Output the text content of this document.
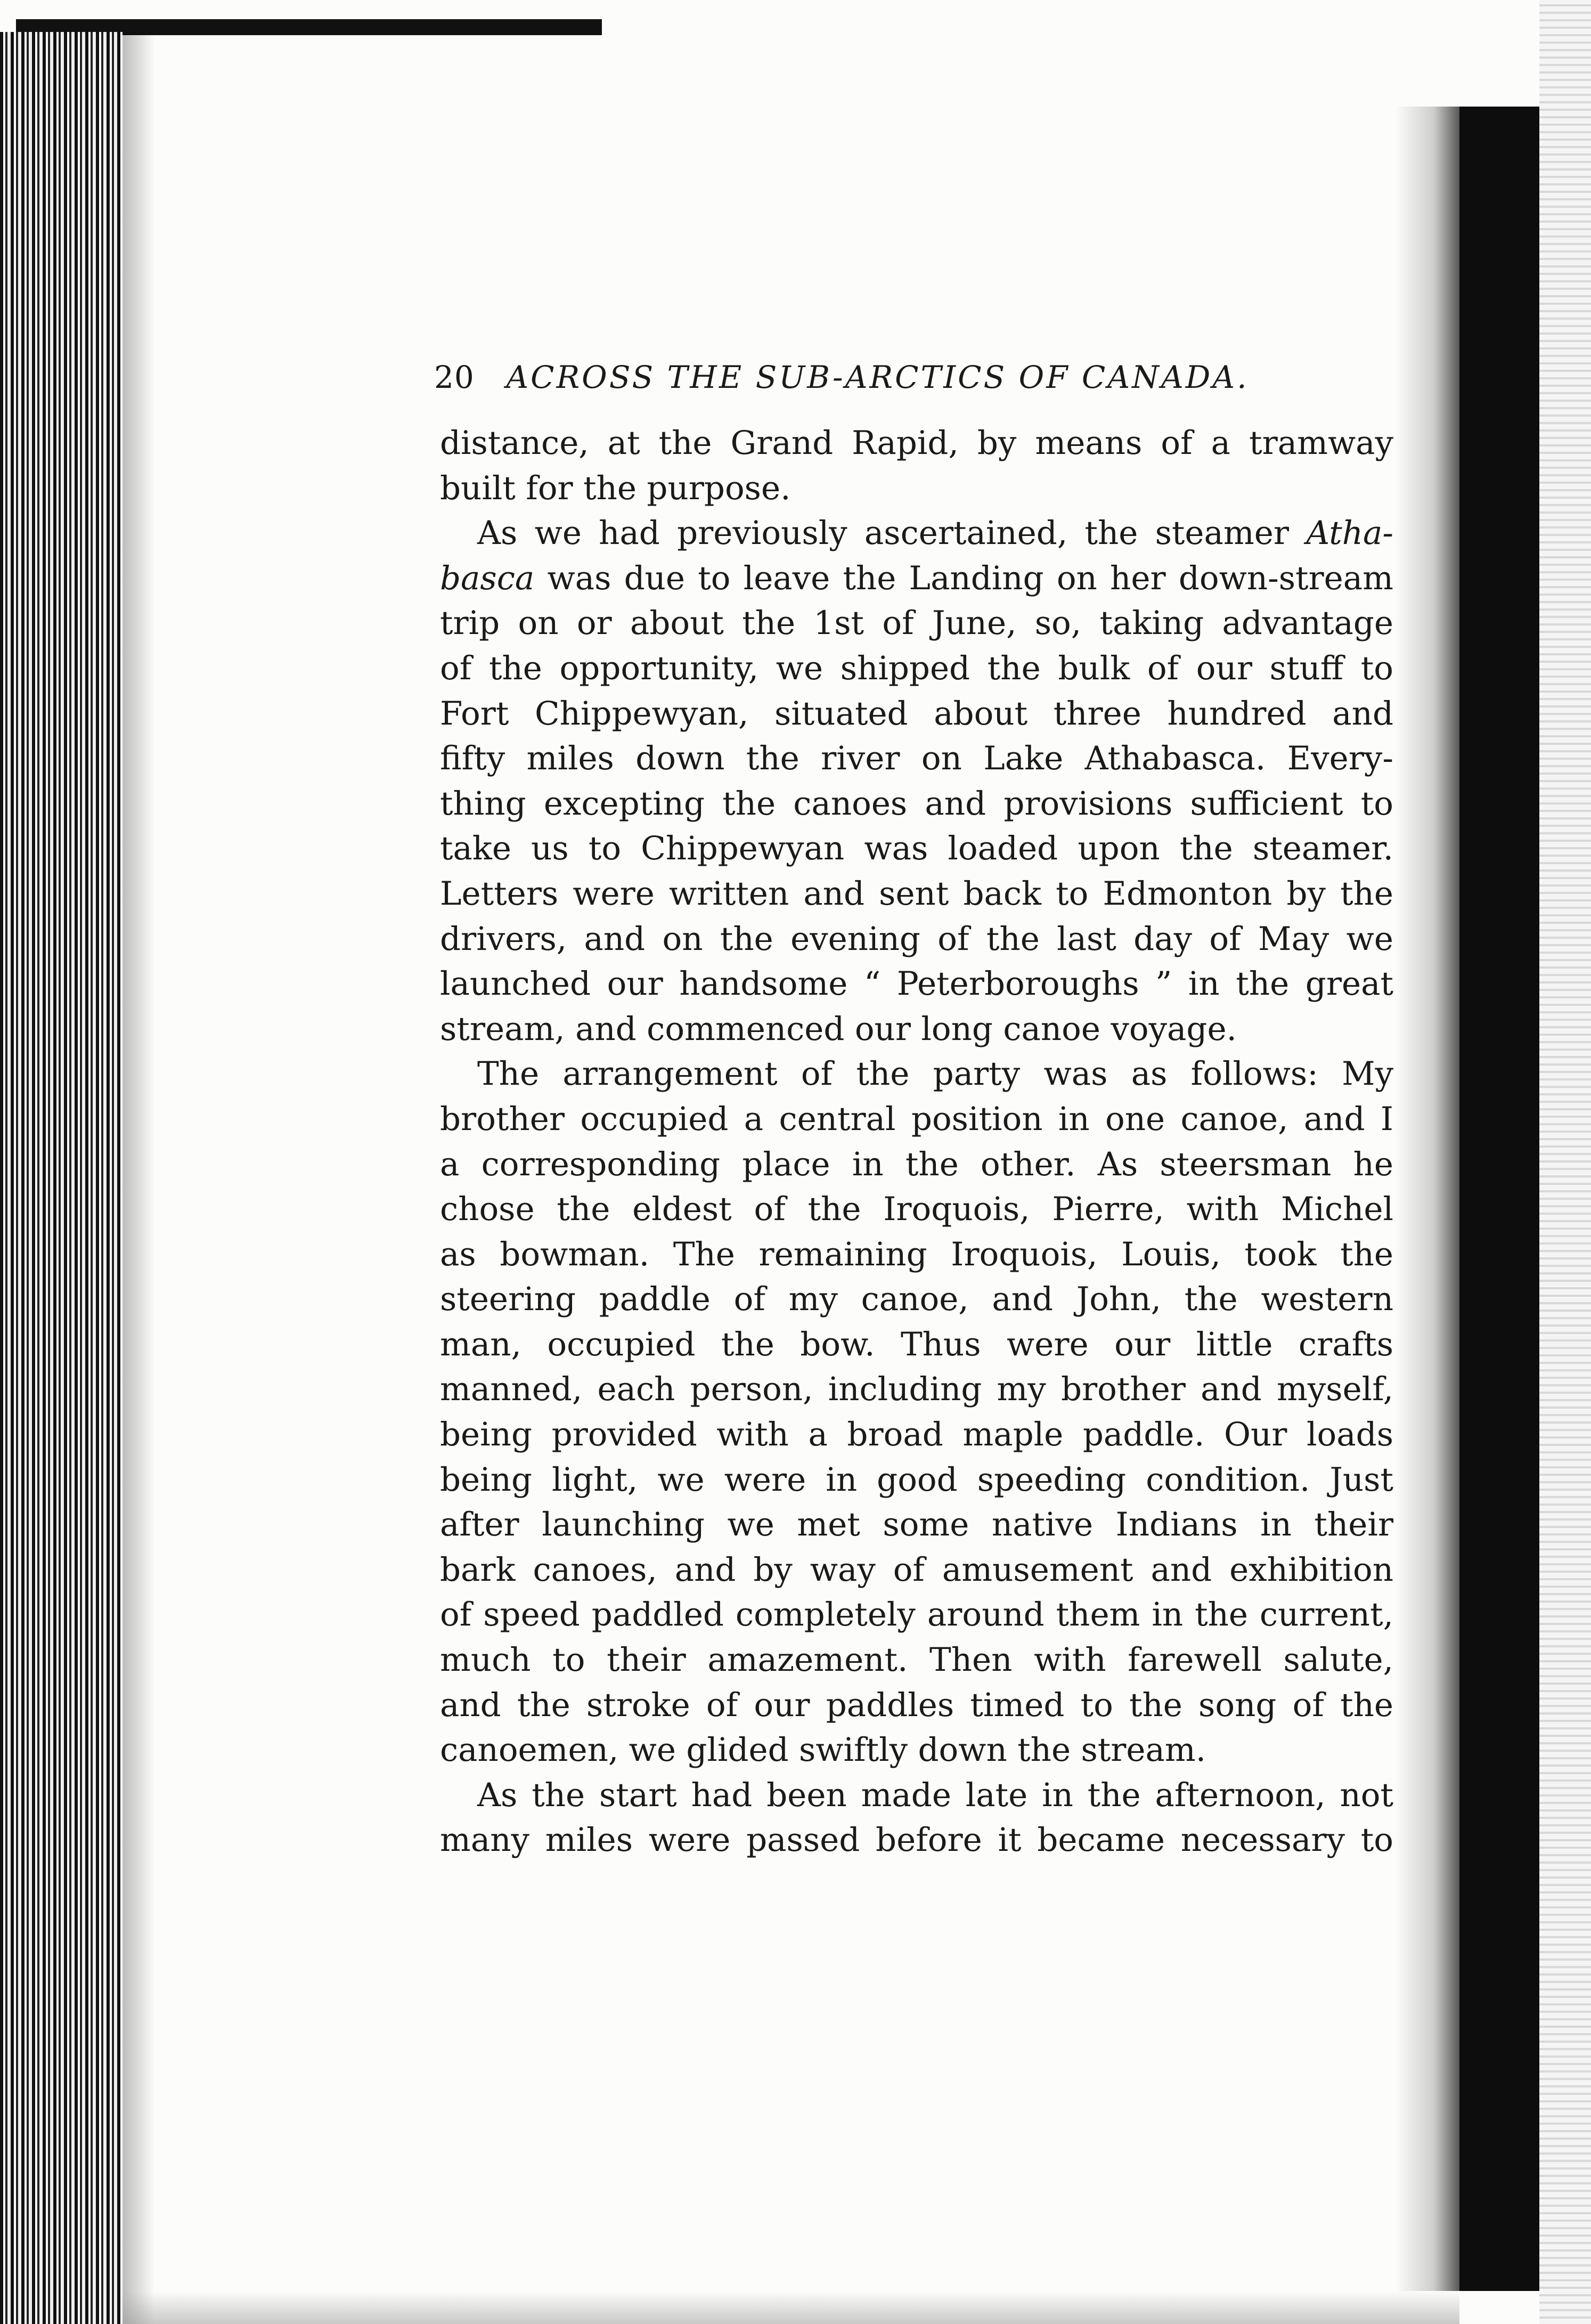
20 ACROSS THE SUB-ARCTICS OF CANADA.
distance, at the Grand Rapid, by means of a tramway
built for the purpose.
As we had previously ascertained, the steamer Atha-
basca was due to leave the Landing on her down-stream
trip on or about the 1st of June, so, taking advantage
of the opportunity, we shipped the bulk of our stuff to
Fort Chippewyan, situated about three hundred and
fifty miles down the river on Lake Athabasca. Every-
thing excepting the canoes and provisions sufficient to
take us to Chippewyan was loaded upon the steamer.
Letters were written and sent back to Edmonton by the
drivers, and on the evening of the last day of May we
launched our handsome “ Peterboroughs ” in the great
stream, and commenced our long canoe voyage.
The arrangement of the party was as follows: My
brother occupied a central position in one canoe, and I
a corresponding place in the other. As steersman he
chose the eldest of the Iroquois, Pierre, with Michel
as bowman. The remaining Iroquois, Louis, took the
steering paddle of my canoe, and John, the western
man, occupied the bow. Thus were our little crafts
manned, each person, including my brother and myself,
being provided with a broad maple paddle. Our loads
being light, we were in good speeding condition. Just
after launching we met some native Indians in their
bark canoes, and by way of amusement and exhibition
of speed paddled completely around them in the current,
much to their amazement. Then with farewell salute,
and the stroke of our paddles timed to the song of the
canoemen, we glided swiftly down the stream.
As the start had been made late in the afternoon, not
many miles were passed before it became necessary to
